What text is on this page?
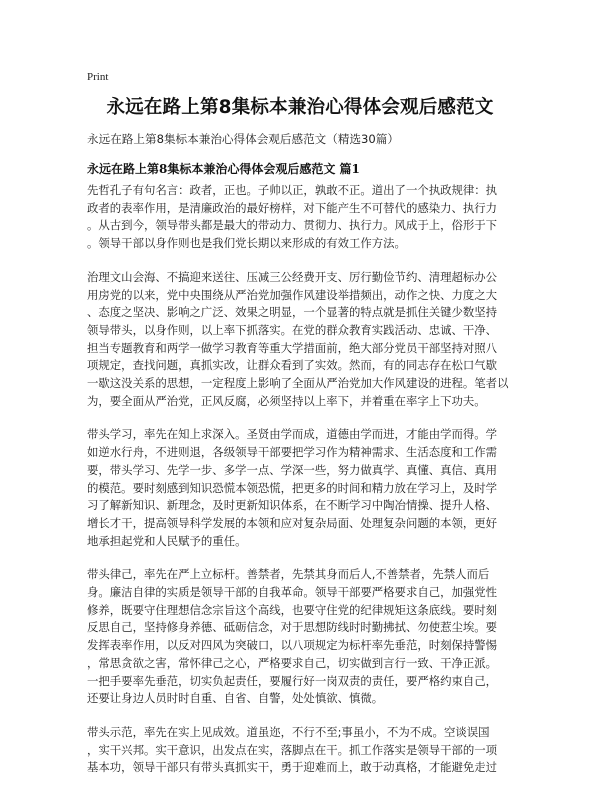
Print
永远在路上第8集标本兼治心得体会观后感范文
永远在路上第8集标本兼治心得体会观后感范文（精选30篇）
永远在路上第8集标本兼治心得体会观后感范文 篇1

先哲孔子有句名言：政者，正也。子帅以正，孰敢不正。道出了一个执政规律：执
政者的表率作用，是清廉政治的最好榜样，对下能产生不可替代的感染力、执行力
。从古到今，领导带头都是最大的带动力、贯彻力、执行力。风成于上，俗形于下
。领导干部以身作则也是我们党长期以来形成的有效工作方法。

治理文山会海、不搞迎来送往、压减三公经费开支、厉行勤俭节约、清理超标办公
用房党的以来，党中央围绕从严治党加强作风建设举措频出，动作之快、力度之大
、态度之坚决、影响之广泛、效果之明显，一个显著的特点就是抓住关键少数坚持
领导带头，以身作则，以上率下抓落实。在党的群众教育实践活动、忠诚、干净、
担当专题教育和两学一做学习教育等重大学措面前，绝大部分党员干部坚持对照八
项规定，查找问题，真抓实改，让群众看到了实效。然而，有的同志存在松口气歇
一歇这没关系的思想，一定程度上影响了全面从严治党加大作风建设的进程。笔者以
为，要全面从严治党，正风反腐，必须坚持以上率下，并着重在率字上下功夫。

带头学习，率先在知上求深入。圣贤由学而成，道德由学而进，才能由学而得。学
如逆水行舟，不进则退，各级领导干部要把学习作为精神需求、生活态度和工作需
要，带头学习、先学一步、多学一点、学深一些，努力做真学、真懂、真信、真用
的模范。要时刻感到知识恐慌本领恐慌，把更多的时间和精力放在学习上，及时学
习了解新知识、新理念，及时更新知识体系，在不断学习中陶冶情操、提升人格、
增长才干，提高领导科学发展的本领和应对复杂局面、处理复杂问题的本领，更好
地承担起党和人民赋予的重任。

带头律己，率先在严上立标杆。善禁者，先禁其身而后人,不善禁者，先禁人而后
身。廉洁自律的实质是领导干部的自我革命。领导干部要严格要求自己，加强党性
修养，既要守住理想信念宗旨这个高线，也要守住党的纪律规矩这条底线。要时刻
反思自己，坚持修身养德、砥砺信念，对于思想防线时时勤拂拭、勿使惹尘埃。要
发挥表率作用，以反对四风为突破口，以八项规定为标杆率先垂范，时刻保持警惕
，常思贪欲之害，常怀律己之心，严格要求自己，切实做到言行一致、干净正派。
一把手要率先垂范，切实负起责任，要履行好一岗双责的责任，要严格约束自己，
还要让身边人员时时自重、自省、自警，处处慎欲、慎微。

带头示范，率先在实上见成效。道虽迩，不行不至;事虽小，不为不成。空谈误国
，实干兴邦。实干意识，出发点在实，落脚点在干。抓工作落实是领导干部的一项
基本功，领导干部只有带头真抓实干，勇于迎难而上，敢于动真格，才能避免走过
